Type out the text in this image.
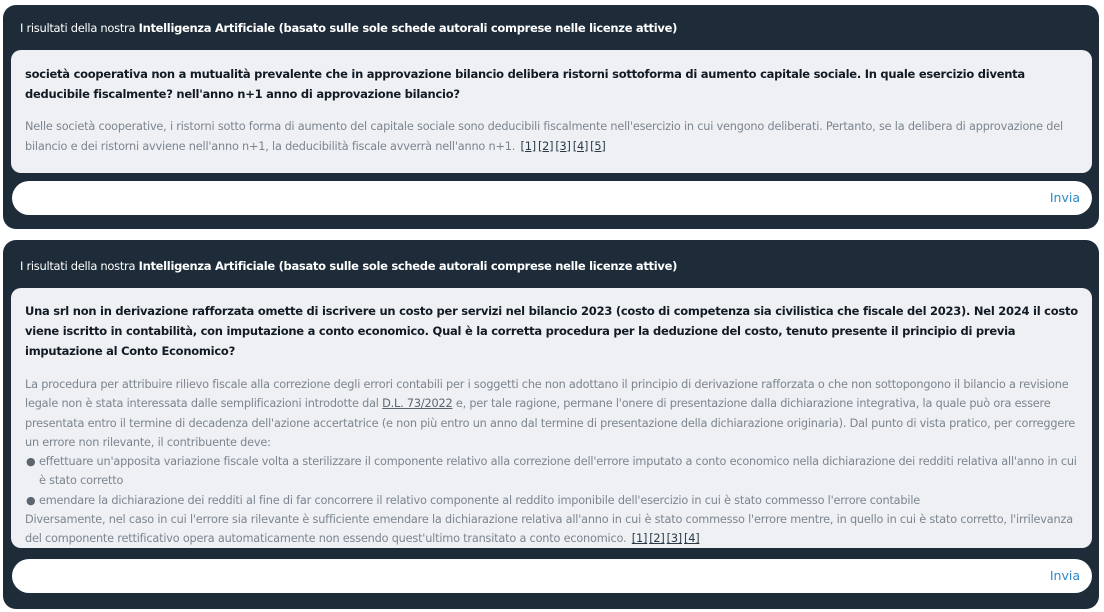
I risultati della nostra Intelligenza Artificiale (basato sulle sole schede autorali comprese nelle licenze attive)
società cooperativa non a mutualità prevalente che in approvazione bilancio delibera ristorni sottoforma di aumento capitale sociale. In quale esercizio diventa deducibile fiscalmente? nell'anno n+1 anno di approvazione bilancio?
Nelle società cooperative, i ristorni sotto forma di aumento del capitale sociale sono deducibili fiscalmente nell'esercizio in cui vengono deliberati. Pertanto, se la delibera di approvazione del bilancio e dei ristorni avviene nell'anno n+1, la deducibilità fiscale avverrà nell'anno n+1. [1] [2] [3] [4] [5]
Invia
I risultati della nostra Intelligenza Artificiale (basato sulle sole schede autorali comprese nelle licenze attive)
Una srl non in derivazione rafforzata omette di iscrivere un costo per servizi nel bilancio 2023 (costo di competenza sia civilistica che fiscale del 2023). Nel 2024 il costo viene iscritto in contabilità, con imputazione a conto economico. Qual è la corretta procedura per la deduzione del costo, tenuto presente il principio di previa imputazione al Conto Economico?
La procedura per attribuire rilievo fiscale alla correzione degli errori contabili per i soggetti che non adottano il principio di derivazione rafforzata o che non sottopongono il bilancio a revisione legale non è stata interessata dalle semplificazioni introdotte dal D.L. 73/2022 e, per tale ragione, permane l'onere di presentazione dalla dichiarazione integrativa, la quale può ora essere presentata entro il termine di decadenza dell'azione accertatrice (e non più entro un anno dal termine di presentazione della dichiarazione originaria). Dal punto di vista pratico, per correggere un errore non rilevante, il contribuente deve:
● effettuare un'apposita variazione fiscale volta a sterilizzare il componente relativo alla correzione dell'errore imputato a conto economico nella dichiarazione dei redditi relativa all'anno in cui è stato corretto
● emendare la dichiarazione dei redditi al fine di far concorrere il relativo componente al reddito imponibile dell'esercizio in cui è stato commesso l'errore contabile
Diversamente, nel caso in cui l'errore sia rilevante è sufficiente emendare la dichiarazione relativa all'anno in cui è stato commesso l'errore mentre, in quello in cui è stato corretto, l'irrilevanza del componente rettificativo opera automaticamente non essendo quest'ultimo transitato a conto economico. [1] [2] [3] [4]
Invia
